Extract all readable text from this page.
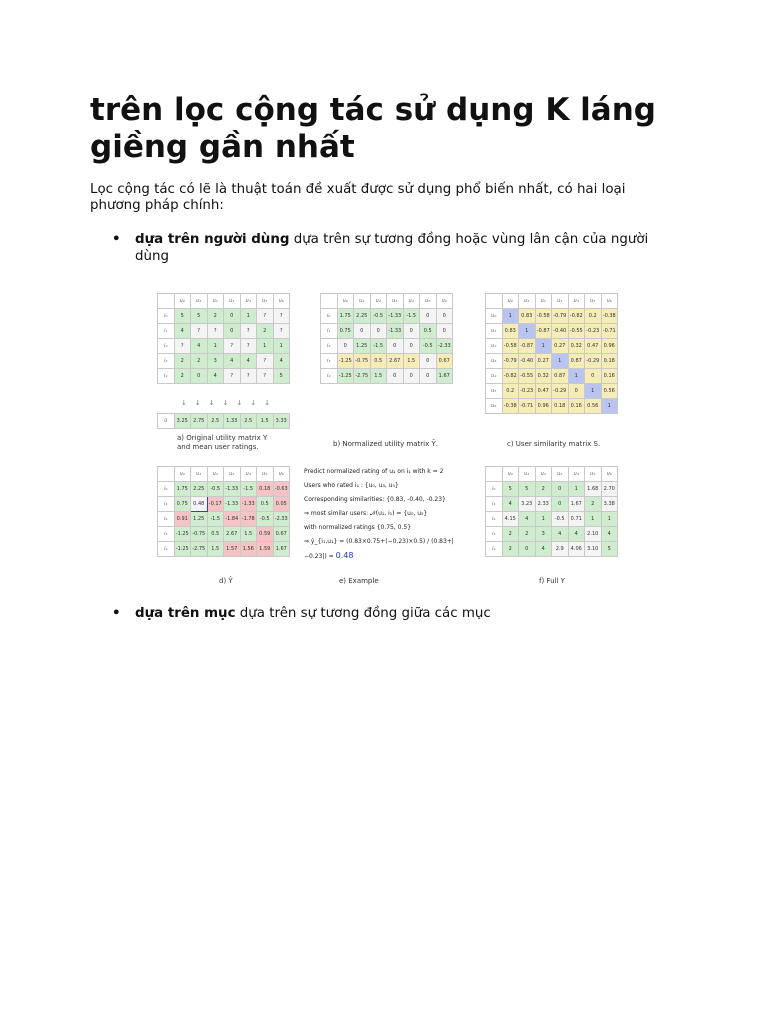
trên lọc cộng tác sử dụng K láng giềng gần nhất

Lọc cộng tác có lẽ là thuật toán đề xuất được sử dụng phổ biến nhất, có hai loại phương pháp chính:

• dựa trên người dùng dựa trên sự tương đồng hoặc vùng lân cận của người dùng
• dựa trên mục dựa trên sự tương đồng giữa các mục
	u₀	u₁	u₂	u₃	u₄	u₅	u₆
i₀	5	5	2	0	1	?	?
i₁	4	?	?	0	?	2	?
i₂	?	4	1	?	?	1	1
i₃	2	2	3	4	4	?	4
i₄	2	0	4	?	?	?	5
↓↓↓↓↓↓↓
ū	3.25	2.75	2.5	1.33	2.5	1.5	3.33
a) Original utility matrix Y
and mean user ratings.
	u₀	u₁	u₂	u₃	u₄	u₅	u₆
i₀	1.75	2.25	-0.5	-1.33	-1.5	0	0
i₁	0.75	0	0	-1.33	0	0.5	0
i₂	0	1.25	-1.5	0	0	-0.5	-2.33
i₃	-1.25	-0.75	0.5	2.67	1.5	0	0.67
i₄	-1.25	-2.75	1.5	0	0	0	1.67
b) Normalized utility matrix Ȳ.
	u₀	u₁	u₂	u₃	u₄	u₅	u₆
u₀	1	0.83	-0.58	-0.79	-0.82	0.2	-0.38
u₁	0.83	1	-0.87	-0.40	-0.55	-0.23	-0.71
u₂	-0.58	-0.87	1	0.27	0.32	0.47	0.96
u₃	-0.79	-0.40	0.27	1	0.87	-0.29	0.18
u₄	-0.82	-0.55	0.32	0.87	1	0	0.16
u₅	0.2	-0.23	0.47	-0.29	0	1	0.56
u₆	-0.38	-0.71	0.96	0.18	0.16	0.56	1
c) User similarity matrix S.
	u₀	u₁	u₂	u₃	u₄	u₅	u₆
i₀	1.75	2.25	-0.5	-1.33	-1.5	0.18	-0.63
i₁	0.75	0.48	-0.17	-1.33	-1.33	0.5	0.05
i₂	0.91	1.25	-1.5	-1.84	-1.78	-0.5	-2.33
i₃	-1.25	-0.75	0.5	2.67	1.5	0.59	0.67
i₄	-1.25	-2.75	1.5	1.57	1.56	1.59	1.67
d) Ŷ
Predict normalized rating of u₁ on i₁ with k = 2
Users who rated i₁ : {u₀, u₃, u₅}
Corresponding similarities: {0.83, -0.40, -0.23}
⇒ most similar users: 𝒩(u₁, i₁) = {u₀, u₅}
with normalized ratings {0.75, 0.5}
⇒ ŷ_{i₁,u₁} = (0.83×0.75+(−0.23)×0.5) / (0.83+|−0.23|) ≈ 0.48
e) Example
	u₀	u₁	u₂	u₃	u₄	u₅	u₆
i₀	5	5	2	0	1	1.68	2.70
i₁	4	3.23	2.33	0	1.67	2	3.38
i₂	4.15	4	1	-0.5	0.71	1	1
i₃	2	2	3	4	4	2.10	4
i₄	2	0	4	2.9	4.06	3.10	5
f) Full Y
